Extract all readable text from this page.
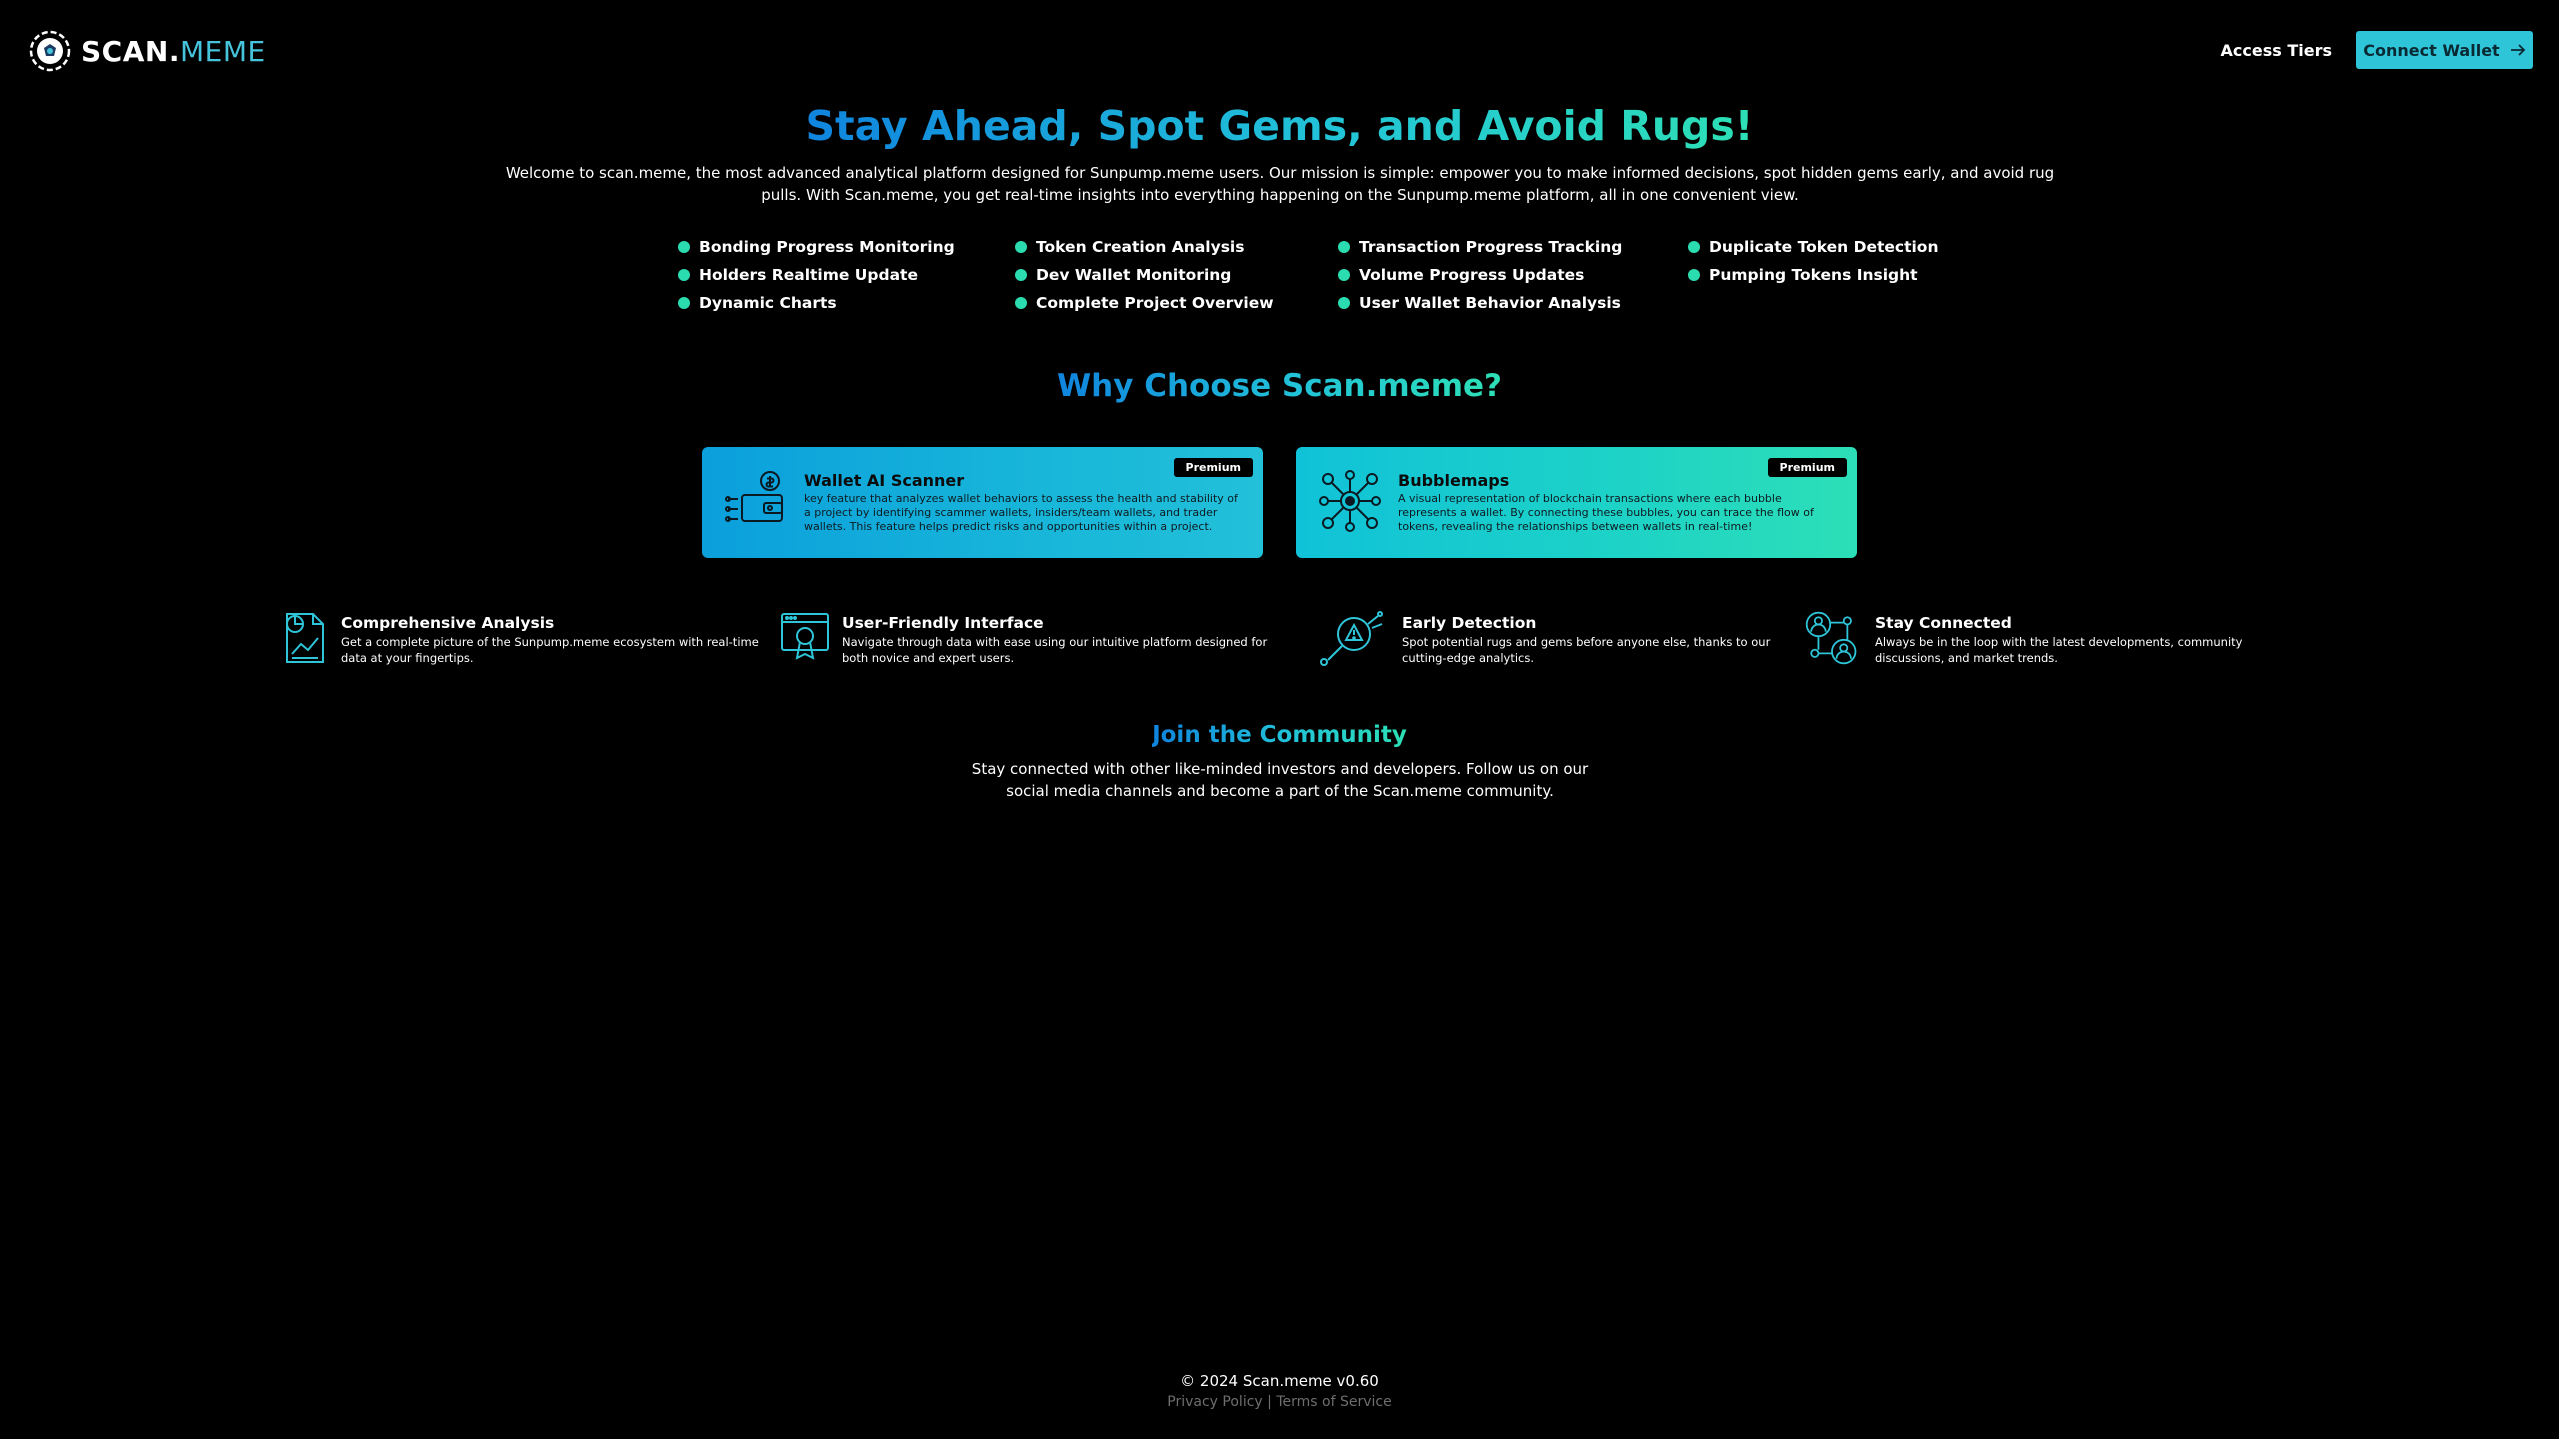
SCAN.MEME	Access Tiers Connect Wallet
Stay Ahead, Spot Gems, and Avoid Rugs!

Welcome to scan.meme, the most advanced analytical platform designed for Sunpump.meme users. Our mission is simple: empower you to make informed decisions, spot hidden gems early, and avoid rug pulls. With Scan.meme, you get real-time insights into everything happening on the Sunpump.meme platform, all in one convenient view.

Bonding Progress Monitoring
Holders Realtime Update
Dynamic Charts
Token Creation Analysis
Dev Wallet Monitoring
Complete Project Overview
Transaction Progress Tracking
Volume Progress Updates
User Wallet Behavior Analysis
Duplicate Token Detection
Pumping Tokens Insight
Why Choose Scan.meme?
Wallet AI Scanner
key feature that analyzes wallet behaviors to assess the health and stability of a project by identifying scammer wallets, insiders/team wallets, and trader wallets. This feature helps predict risks and opportunities within a project.
Premium
Bubblemaps
A visual representation of blockchain transactions where each bubble represents a wallet. By connecting these bubbles, you can trace the flow of tokens, revealing the relationships between wallets in real-time!
Premium
Comprehensive Analysis
Get a complete picture of the Sunpump.meme ecosystem with real-time data at your fingertips.
User-Friendly Interface
Navigate through data with ease using our intuitive platform designed for both novice and expert users.
Early Detection
Spot potential rugs and gems before anyone else, thanks to our cutting-edge analytics.
Stay Connected
Always be in the loop with the latest developments, community discussions, and market trends.
Join the Community

Stay connected with other like-minded investors and developers. Follow us on our social media channels and become a part of the Scan.meme community.

© 2024 Scan.meme v0.60
Privacy Policy | Terms of Service
